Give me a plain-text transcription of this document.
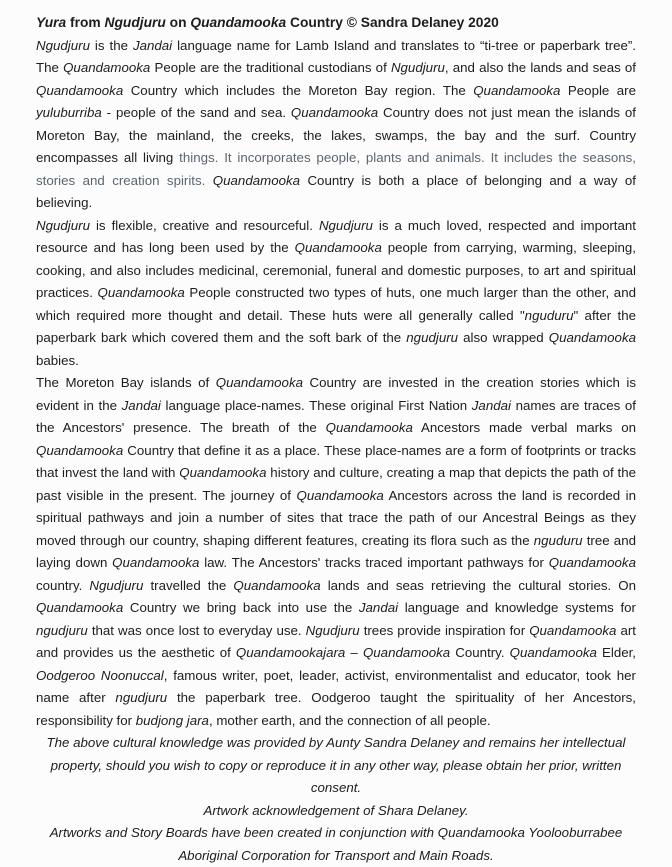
Yura from Ngudjuru on Quandamooka Country © Sandra Delaney 2020

Ngudjuru is the Jandai language name for Lamb Island and translates to “ti-tree or paperbark tree”. The Quandamooka People are the traditional custodians of Ngudjuru, and also the lands and seas of Quandamooka Country which includes the Moreton Bay region. The Quandamooka People are yuluburriba - people of the sand and sea. Quandamooka Country does not just mean the islands of Moreton Bay, the mainland, the creeks, the lakes, swamps, the bay and the surf. Country encompasses all living things. It incorporates people, plants and animals. It includes the seasons, stories and creation spirits. Quandamooka Country is both a place of belonging and a way of believing.

Ngudjuru is flexible, creative and resourceful. Ngudjuru is a much loved, respected and important resource and has long been used by the Quandamooka people from carrying, warming, sleeping, cooking, and also includes medicinal, ceremonial, funeral and domestic purposes, to art and spiritual practices. Quandamooka People constructed two types of huts, one much larger than the other, and which required more thought and detail. These huts were all generally called "nguduru" after the paperbark bark which covered them and the soft bark of the ngudjuru also wrapped Quandamooka babies.

The Moreton Bay islands of Quandamooka Country are invested in the creation stories which is evident in the Jandai language place-names. These original First Nation Jandai names are traces of the Ancestors' presence. The breath of the Quandamooka Ancestors made verbal marks on Quandamooka Country that define it as a place. These place-names are a form of footprints or tracks that invest the land with Quandamooka history and culture, creating a map that depicts the path of the past visible in the present. The journey of Quandamooka Ancestors across the land is recorded in spiritual pathways and join a number of sites that trace the path of our Ancestral Beings as they moved through our country, shaping different features, creating its flora such as the nguduru tree and laying down Quandamooka law. The Ancestors' tracks traced important pathways for Quandamooka country. Ngudjuru travelled the Quandamooka lands and seas retrieving the cultural stories. On Quandamooka Country we bring back into use the Jandai language and knowledge systems for ngudjuru that was once lost to everyday use. Ngudjuru trees provide inspiration for Quandamooka art and provides us the aesthetic of Quandamookajara – Quandamooka Country. Quandamooka Elder, Oodgeroo Noonuccal, famous writer, poet, leader, activist, environmentalist and educator, took her name after ngudjuru the paperbark tree. Oodgeroo taught the spirituality of her Ancestors, responsibility for budjong jara, mother earth, and the connection of all people.

The above cultural knowledge was provided by Aunty Sandra Delaney and remains her intellectual property, should you wish to copy or reproduce it in any other way, please obtain her prior, written consent.

Artwork acknowledgement of Shara Delaney.

Artworks and Story Boards have been created in conjunction with Quandamooka Yoolooburrabee Aboriginal Corporation for Transport and Main Roads.
